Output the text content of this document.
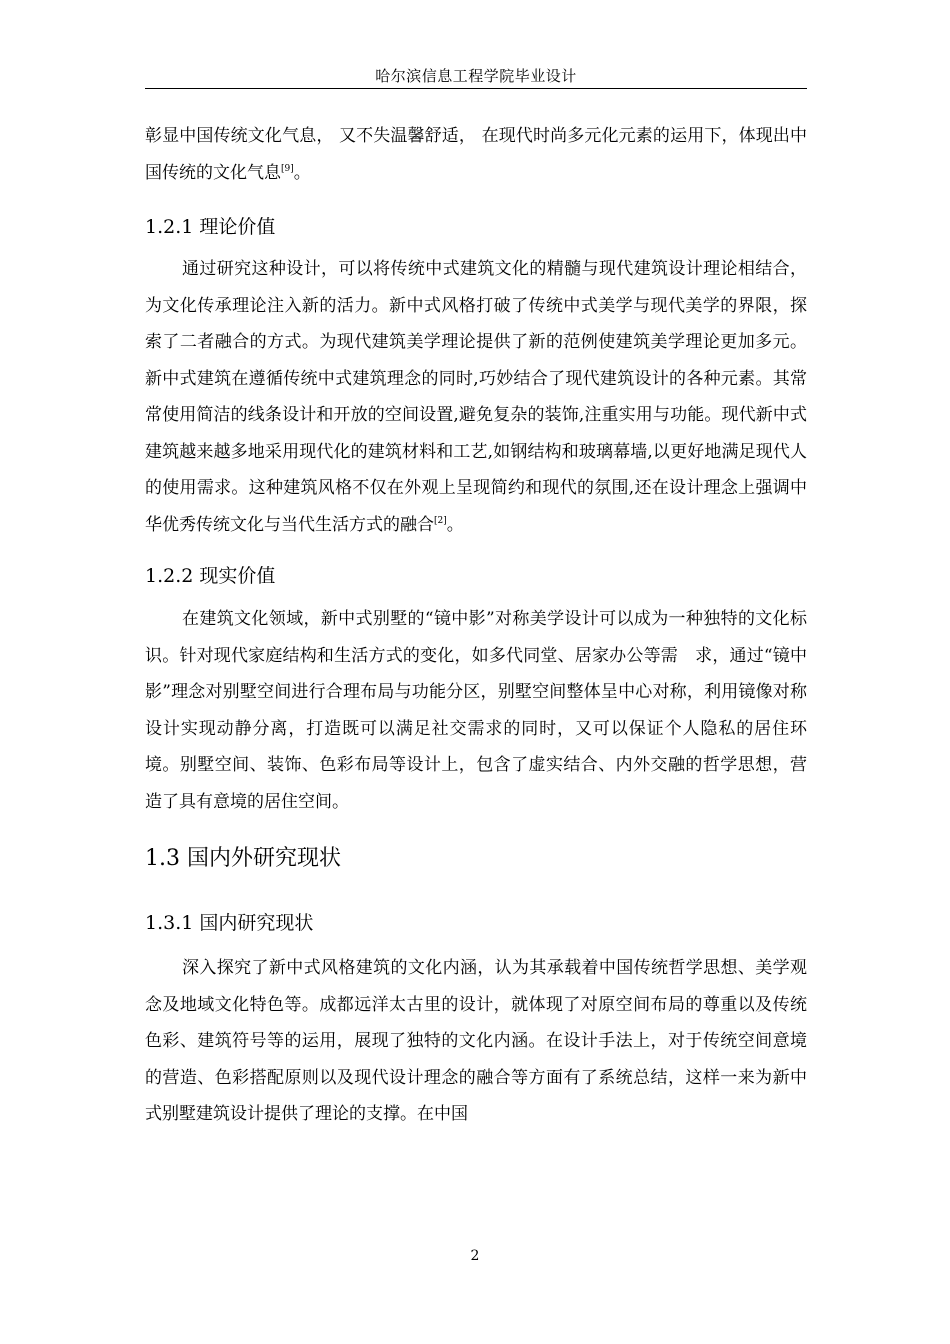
哈尔滨信息工程学院毕业设计

彰显中国传统文化气息， 又不失温馨舒适， 在现代时尚多元化元素的运用下，体现出中国传统的文化气息[9]。

1.2.1 理论价值

通过研究这种设计，可以将传统中式建筑文化的精髓与现代建筑设计理论相结合，为文化传承理论注入新的活力。新中式风格打破了传统中式美学与现代美学的界限，探索了二者融合的方式。为现代建筑美学理论提供了新的范例使建筑美学理论更加多元。新中式建筑在遵循传统中式建筑理念的同时,巧妙结合了现代建筑设计的各种元素。其常常使用简洁的线条设计和开放的空间设置,避免复杂的装饰,注重实用与功能。现代新中式建筑越来越多地采用现代化的建筑材料和工艺,如钢结构和玻璃幕墙,以更好地满足现代人的使用需求。这种建筑风格不仅在外观上呈现简约和现代的氛围,还在设计理念上强调中华优秀传统文化与当代生活方式的融合[2]。

1.2.2 现实价值

在建筑文化领域，新中式别墅的“镜中影”对称美学设计可以成为一种独特的文化标识。针对现代家庭结构和生活方式的变化，如多代同堂、居家办公等需　求，通过“镜中影”理念对别墅空间进行合理布局与功能分区，别墅空间整体呈中心对称，利用镜像对称设计实现动静分离，打造既可以满足社交需求的同时，又可以保证个人隐私的居住环境。别墅空间、装饰、色彩布局等设计上，包含了虚实结合、内外交融的哲学思想，营造了具有意境的居住空间。

1.3 国内外研究现状
1.3.1 国内研究现状

深入探究了新中式风格建筑的文化内涵，认为其承载着中国传统哲学思想、美学观念及地域文化特色等。成都远洋太古里的设计，就体现了对原空间布局的尊重以及传统色彩、建筑符号等的运用，展现了独特的文化内涵。在设计手法上，对于传统空间意境的营造、色彩搭配原则以及现代设计理念的融合等方面有了系统总结，这样一来为新中式别墅建筑设计提供了理论的支撑。在中国

2
